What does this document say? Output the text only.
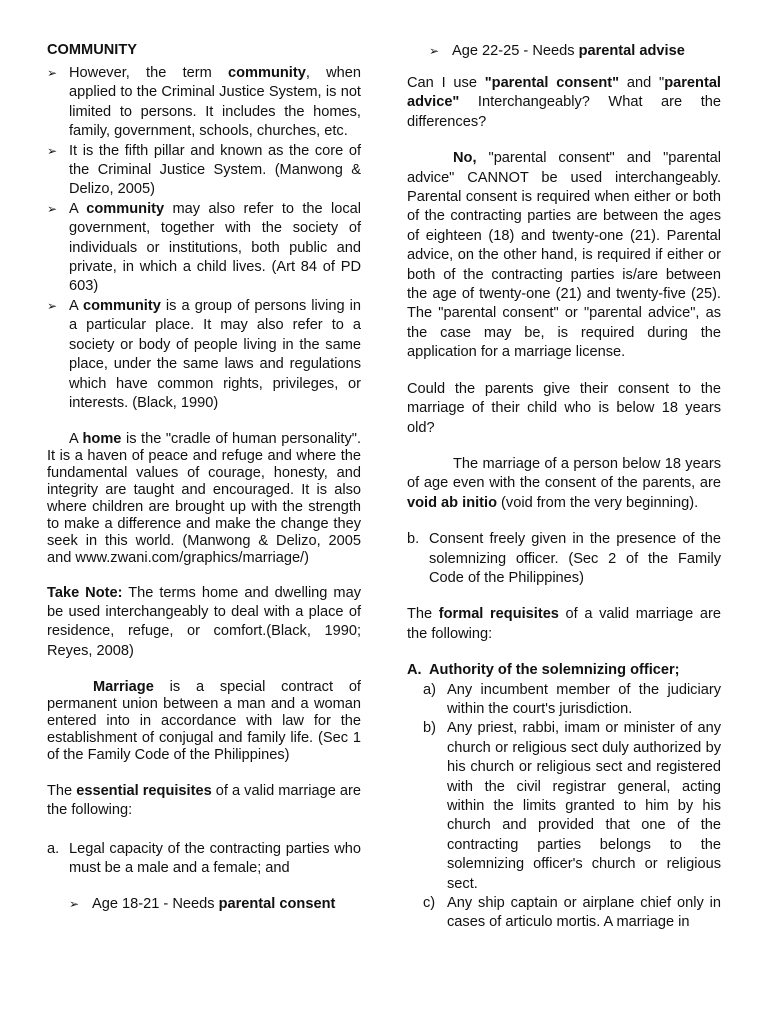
COMMUNITY

➢ However, the term community, when applied to the Criminal Justice System, is not limited to persons. It includes the homes, family, government, schools, churches, etc.
➢ It is the fifth pillar and known as the core of the Criminal Justice System. (Manwong & Delizo, 2005)
➢ A community may also refer to the local government, together with the society of individuals or institutions, both public and private, in which a child lives. (Art 84 of PD 603)
➢ A community is a group of persons living in a particular place. It may also refer to a society or body of people living in the same place, under the same laws and regulations which have common rights, privileges, or interests. (Black, 1990)

A home is the "cradle of human personality". It is a haven of peace and refuge and where the fundamental values of courage, honesty, and integrity are taught and encouraged. It is also where children are brought up with the strength to make a difference and make the change they seek in this world. (Manwong & Delizo, 2005 and www.zwani.com/graphics/marriage/)

Take Note: The terms home and dwelling may be used interchangeably to deal with a place of residence, refuge, or comfort.(Black, 1990; Reyes, 2008)

Marriage is a special contract of permanent union between a man and a woman entered into in accordance with law for the establishment of conjugal and family life. (Sec 1 of the Family Code of the Philippines)

The essential requisites of a valid marriage are the following:

a. Legal capacity of the contracting parties who must be a male and a female; and
➢ Age 18-21 - Needs parental consent
➢ Age 22-25 - Needs parental advise

Can I use "parental consent" and "parental advice" Interchangeably? What are the differences?

No, "parental consent" and "parental advice" CANNOT be used interchangeably. Parental consent is required when either or both of the contracting parties are between the ages of eighteen (18) and twenty-one (21). Parental advice, on the other hand, is required if either or both of the contracting parties is/are between the age of twenty-one (21) and twenty-five (25). The "parental consent" or "parental advice", as the case may be, is required during the application for a marriage license.

Could the parents give their consent to the marriage of their child who is below 18 years old?

The marriage of a person below 18 years of age even with the consent of the parents, are void ab initio (void from the very beginning).

b. Consent freely given in the presence of the solemnizing officer. (Sec 2 of the Family Code of the Philippines)

The formal requisites of a valid marriage are the following:

A. Authority of the solemnizing officer;
a) Any incumbent member of the judiciary within the court's jurisdiction.
b) Any priest, rabbi, imam or minister of any church or religious sect duly authorized by his church or religious sect and registered with the civil registrar general, acting within the limits granted to him by his church and provided that one of the contracting parties belongs to the solemnizing officer's church or religious sect.
c) Any ship captain or airplane chief only in cases of articulo mortis. A marriage in
